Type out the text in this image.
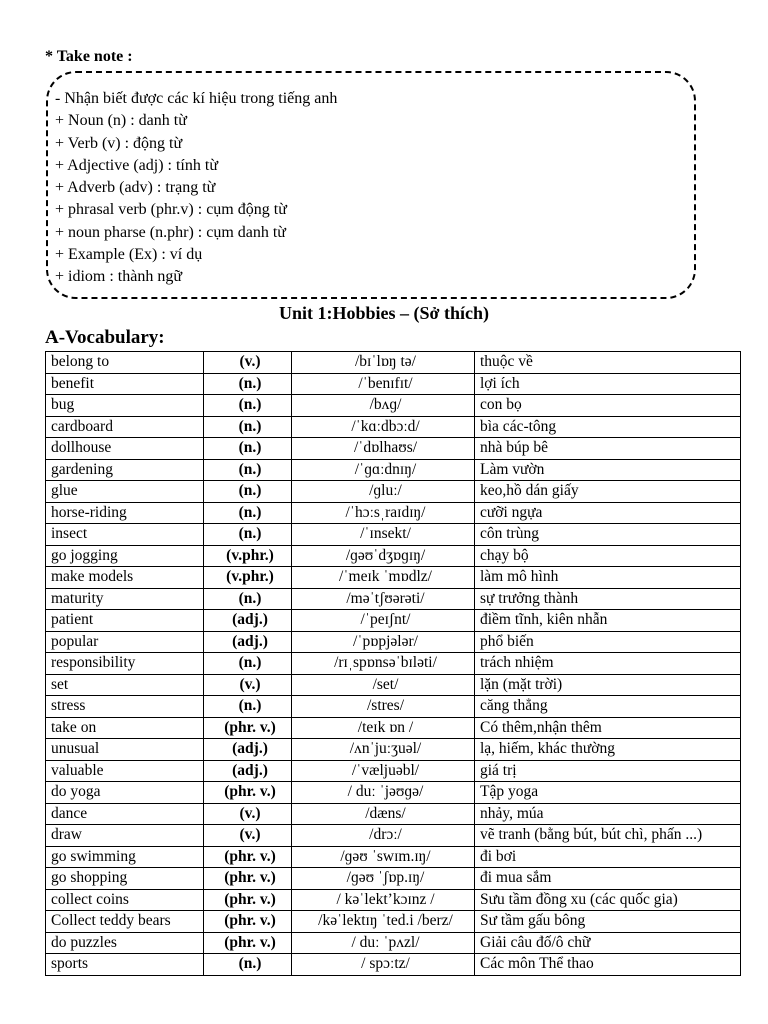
* Take note :
- Nhận biết được các kí hiệu trong tiếng anh
+ Noun (n) : danh từ
+ Verb (v) : động từ
+ Adjective (adj) : tính từ
+ Adverb (adv) : trạng từ
+ phrasal verb (phr.v) : cụm động từ
+ noun pharse (n.phr) : cụm danh từ
+ Example (Ex) : ví dụ
+ idiom : thành ngữ
Unit 1:Hobbies – (Sở thích)
A-Vocabulary:
belong to	(v.)	/bɪˈlɒŋ tə/	thuộc về
benefit	(n.)	/ˈbenɪfɪt/	lợi ích
bug	(n.)	/bʌɡ/	con bọ
cardboard	(n.)	/ˈkɑːdbɔːd/	bìa các-tông
dollhouse	(n.)	/ˈdɒlhaʊs/	nhà búp bê
gardening	(n.)	/ˈɡɑːdnɪŋ/	Làm vườn
glue	(n.)	/ɡluː/	keo,hồ dán giấy
horse-riding	(n.)	/ˈhɔːsˌraɪdɪŋ/	cưỡi ngựa
insect	(n.)	/ˈɪnsekt/	côn trùng
go jogging	(v.phr.)	/ɡəʊˈdʒɒɡɪŋ/	chạy bộ
make models	(v.phr.)	/ˈmeɪk ˈmɒdlz/	làm mô hình
maturity	(n.)	/məˈtʃʊərəti/	sự trưởng thành
patient	(adj.)	/ˈpeɪʃnt/	điềm tĩnh, kiên nhẫn
popular	(adj.)	/ˈpɒpjələr/	phổ biến
responsibility	(n.)	/rɪˌspɒnsəˈbɪləti/	trách nhiệm
set	(v.)	/set/	lặn (mặt trời)
stress	(n.)	/stres/	căng thẳng
take on	(phr. v.)	/teɪk ɒn /	Có thêm,nhận thêm
unusual	(adj.)	/ʌnˈjuːʒuəl/	lạ, hiếm, khác thường
valuable	(adj.)	/ˈvæljuəbl/	giá trị
do yoga	(phr. v.)	/ duː ˈjəʊɡə/	Tập yoga
dance	(v.)	/dæns/	nhảy, múa
draw	(v.)	/drɔː/	vẽ tranh (bằng bút, bút chì, phấn ...)
go swimming	(phr. v.)	/ɡəʊ ˈswɪm.ɪŋ/	đi bơi
go shopping	(phr. v.)	/ɡəʊ ˈʃɒp.ɪŋ/	đi mua sắm
collect coins	(phr. v.)	/ kəˈlekt’kɔɪnz /	Sưu tầm đồng xu (các quốc gia)
Collect teddy bears	(phr. v.)	/kəˈlektɪŋ ˈted.i /berz/	Sư tầm gấu bông
do puzzles	(phr. v.)	/ duː ˈpʌzl/	Giải câu đố/ô chữ
sports	(n.)	/ spɔːtz/	Các môn Thể thao
